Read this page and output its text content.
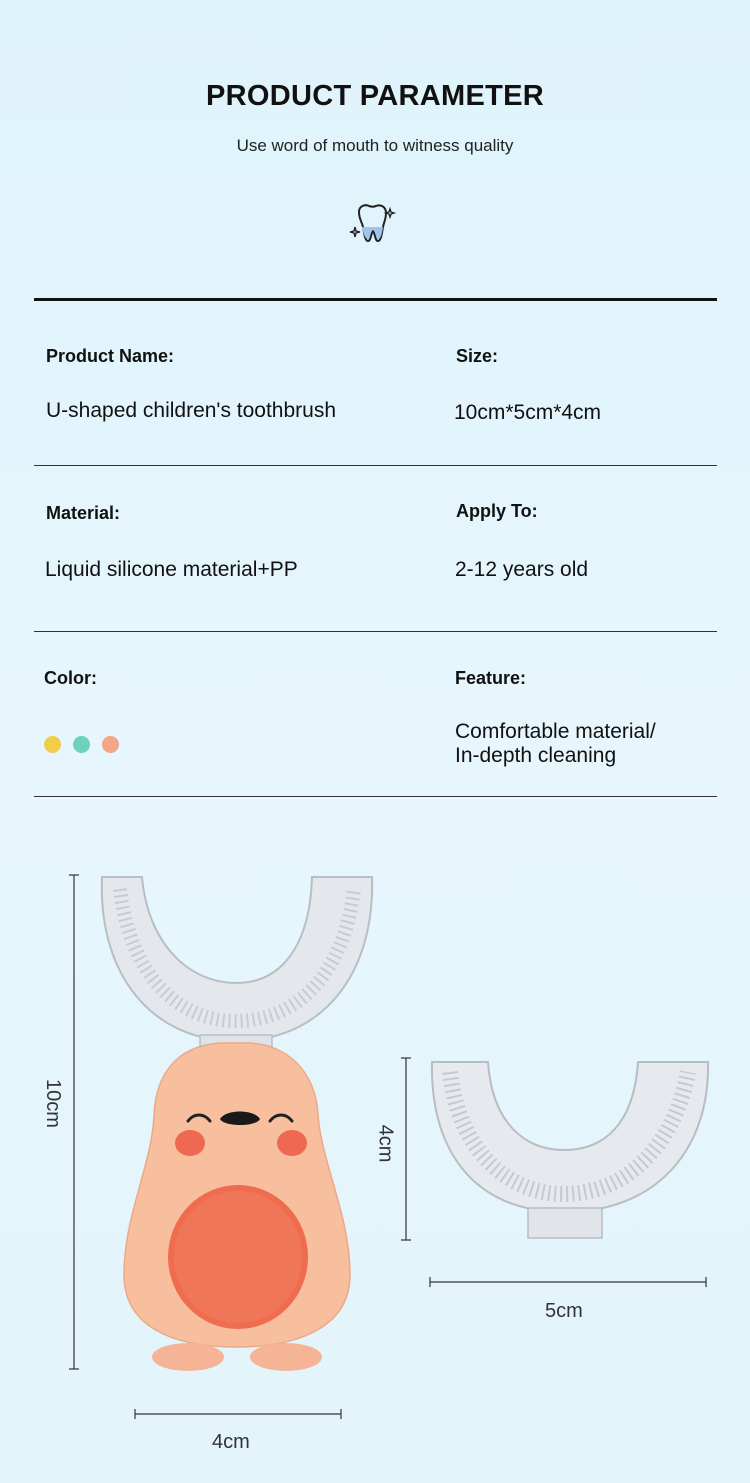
PRODUCT PARAMETER
Use word of mouth to witness quality
Product Name:
U-shaped children's toothbrush
Size:
10cm*5cm*4cm
Material:
Liquid silicone material+PP
Apply To:
2-12 years old
Color:	Feature:
Comfortable material/
In-depth cleaning
10cm
4cm
4cm
5cm
